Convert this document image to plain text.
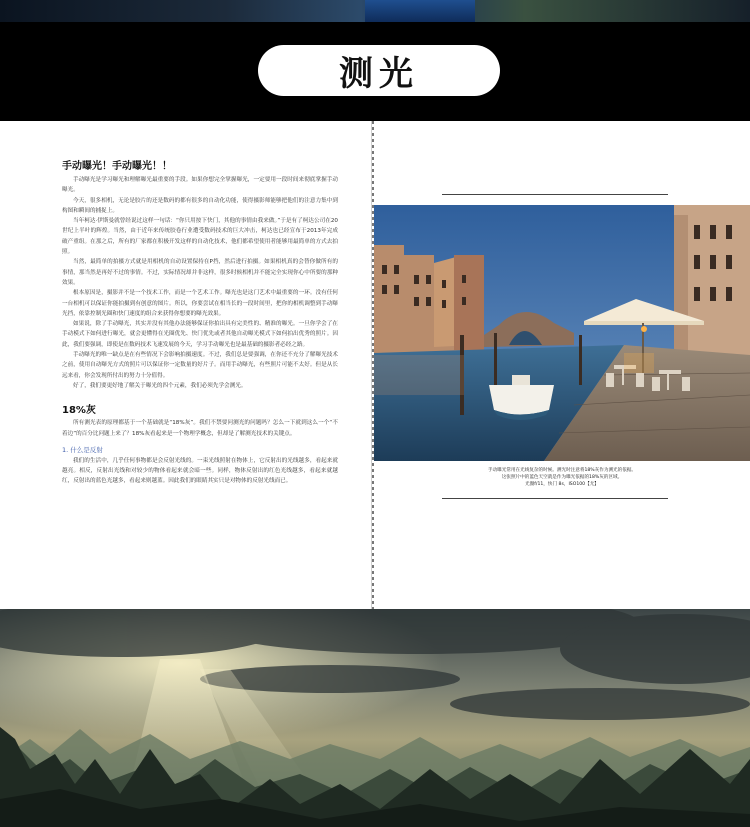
测光
手动曝光！手动曝光！！

手动曝光是学习曝光和理解曝光最重要的手段。如果你想完全掌握曝光，一定要用一段时间来彻底掌握手动曝光。

今天，很多相机，无论是胶片的还是数码的都有很多的自动化功能，使得摄影师能够把他们的注意力集中到构图和瞬间的捕捉上。

当年柯达·伊斯曼就曾经说过这样一句话：“你只用按下快门，其他的事情由我来做。”于是有了柯达公司在20世纪上半叶的辉煌。当然，由于近年来传统胶卷行业遭受数码技术的巨大冲击，柯达也已经宣布于2013年完成破产重组。在那之后，所有的厂家都在积极开发这样的自动化技术，他们都希望使用者能够用最简单的方式去拍照。

当然，最简单的拍摄方式就是用相机的自动设置保持在P挡，然后进行拍摄。如果相机真的会替你做所有的事情，那当然是再好不过的事情。不过，实际情况却并非这样，很多时候相机并不能完全实现你心中所要的那种效果。

根本原因是，摄影并不是一个技术工作，而是一个艺术工作。曝光也是这门艺术中最重要的一环。没有任何一台相机可以保证你能拍摄到有创意的图片。所以，你要尝试在相当长的一段时间里，把你的相机调整到手动曝光挡，依靠控制光圈和快门速度的组合来获得你想要的曝光效果。

如果说，除了手动曝光，其实并没有其他办法能够保证你拍出具有完美性的、精准的曝光。一旦你学会了在手动模式下如何进行曝光，就会更懂得在光圈优先、快门优先或者其他自动曝光模式下如何拍出优秀的照片。因此，我们要强调，即使是在数码技术飞速发展的今天，学习手动曝光也是最基础的摄影者必经之路。

手动曝光的唯一缺点是在有些情况下会影响拍摄速度。不过，我们总是要强调，在你还不充分了解曝光技术之前，使用自动曝光方式的照片可以保证你一定数量的好片子。而用手动曝光，有些照片可能不太好。但是从长远来看，你会发现所付出的努力十分值得。

好了，我们要更好地了解关于曝光的四个元素，我们必须先学会测光。

18%灰

所有测光表的原理都基于一个基础就是“18%灰”。我们不禁要问测光的问题吗？怎么一下就到这么一个“不着边”的百分比问题上来了？18%灰看起来是一个物理学概念，但却是了解测光技术的关键点。

1. 什么是反射

我们的生活中，几乎任何事物都是会反射光线的。一束光线照射在物体上，它反射出的光线越多，看起来就越亮。相反，反射出光线和对较少的物体看起来就会暗一些。同样，物体反射出的红色光线越多，看起来就越红，反射出的蓝色光越多，看起来则越蓝。因此我们的眼睛其实只是对物体的反射光线而已。

手动曝光常用在光线复杂的时候。测光时注意将18%灰作为测光的依据。
这张照片中的蓝色天空就是作为曝光依据的18%灰的区域。
光圈f/11，快门 8s，ISO100【尤】
